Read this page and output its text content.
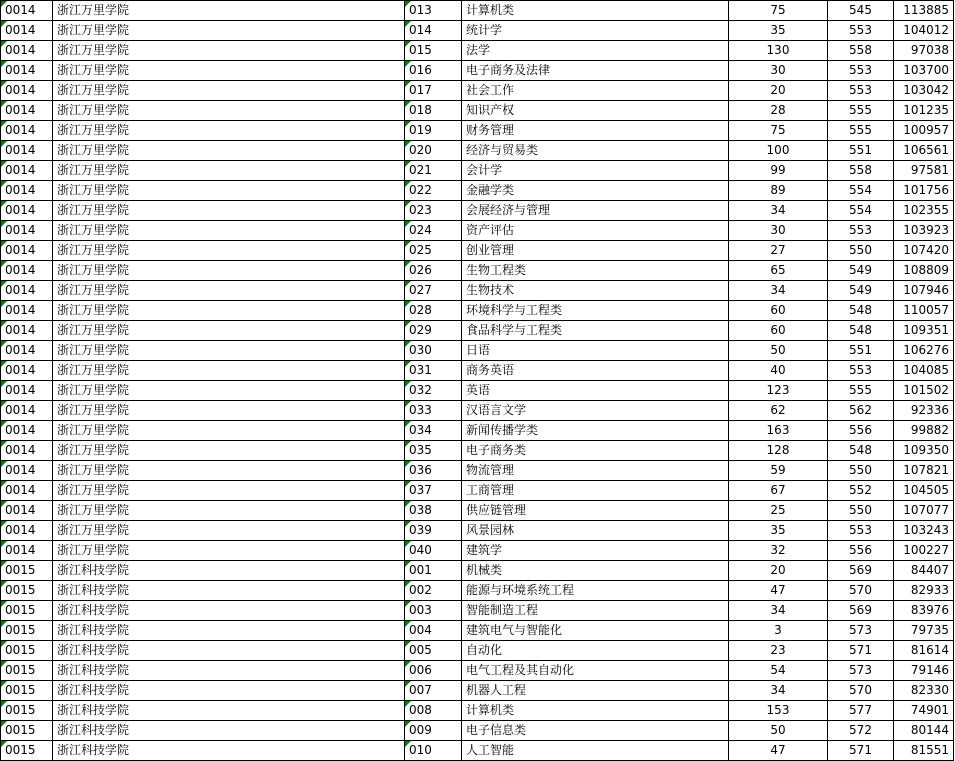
0014	浙江万里学院	013	计算机类	75	545	113885
0014	浙江万里学院	014	统计学	35	553	104012
0014	浙江万里学院	015	法学	130	558	97038
0014	浙江万里学院	016	电子商务及法律	30	553	103700
0014	浙江万里学院	017	社会工作	20	553	103042
0014	浙江万里学院	018	知识产权	28	555	101235
0014	浙江万里学院	019	财务管理	75	555	100957
0014	浙江万里学院	020	经济与贸易类	100	551	106561
0014	浙江万里学院	021	会计学	99	558	97581
0014	浙江万里学院	022	金融学类	89	554	101756
0014	浙江万里学院	023	会展经济与管理	34	554	102355
0014	浙江万里学院	024	资产评估	30	553	103923
0014	浙江万里学院	025	创业管理	27	550	107420
0014	浙江万里学院	026	生物工程类	65	549	108809
0014	浙江万里学院	027	生物技术	34	549	107946
0014	浙江万里学院	028	环境科学与工程类	60	548	110057
0014	浙江万里学院	029	食品科学与工程类	60	548	109351
0014	浙江万里学院	030	日语	50	551	106276
0014	浙江万里学院	031	商务英语	40	553	104085
0014	浙江万里学院	032	英语	123	555	101502
0014	浙江万里学院	033	汉语言文学	62	562	92336
0014	浙江万里学院	034	新闻传播学类	163	556	99882
0014	浙江万里学院	035	电子商务类	128	548	109350
0014	浙江万里学院	036	物流管理	59	550	107821
0014	浙江万里学院	037	工商管理	67	552	104505
0014	浙江万里学院	038	供应链管理	25	550	107077
0014	浙江万里学院	039	风景园林	35	553	103243
0014	浙江万里学院	040	建筑学	32	556	100227
0015	浙江科技学院	001	机械类	20	569	84407
0015	浙江科技学院	002	能源与环境系统工程	47	570	82933
0015	浙江科技学院	003	智能制造工程	34	569	83976
0015	浙江科技学院	004	建筑电气与智能化	3	573	79735
0015	浙江科技学院	005	自动化	23	571	81614
0015	浙江科技学院	006	电气工程及其自动化	54	573	79146
0015	浙江科技学院	007	机器人工程	34	570	82330
0015	浙江科技学院	008	计算机类	153	577	74901
0015	浙江科技学院	009	电子信息类	50	572	80144
0015	浙江科技学院	010	人工智能	47	571	81551
